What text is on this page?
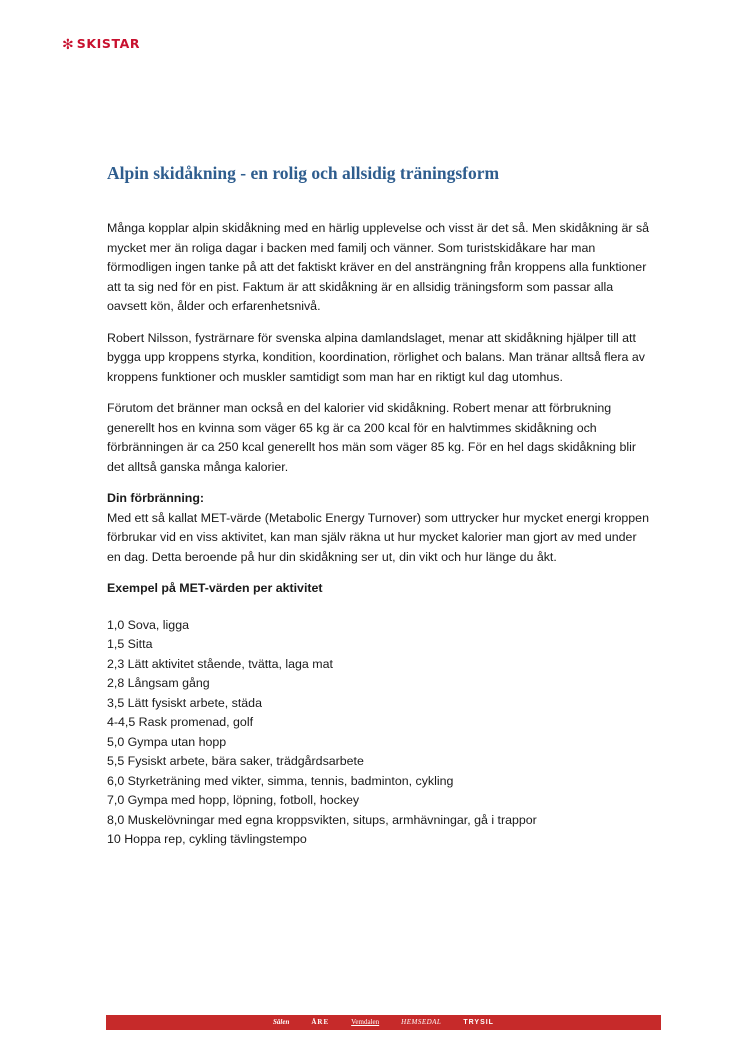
✻ SKISTAR
Alpin skidåkning - en rolig och allsidig träningsform

Många kopplar alpin skidåkning med en härlig upplevelse och visst är det så. Men skidåkning är så mycket mer än roliga dagar i backen med familj och vänner. Som turistskidåkare har man förmodligen ingen tanke på att det faktiskt kräver en del ansträngning från kroppens alla funktioner att ta sig ned för en pist. Faktum är att skidåkning är en allsidig träningsform som passar alla oavsett kön, ålder och erfarenhetsnivå.

Robert Nilsson, fysträrnare för svenska alpina damlandslaget, menar att skidåkning hjälper till att bygga upp kroppens styrka, kondition, koordination, rörlighet och balans. Man tränar alltså flera av kroppens funktioner och muskler samtidigt som man har en riktigt kul dag utomhus.

Förutom det bränner man också en del kalorier vid skidåkning. Robert menar att förbrukning generellt hos en kvinna som väger 65 kg är ca 200 kcal för en halvtimmes skidåkning och förbränningen är ca 250 kcal generellt hos män som väger 85 kg. För en hel dags skidåkning blir det alltså ganska många kalorier.

Din förbränning:
Med ett så kallat MET-värde (Metabolic Energy Turnover) som uttrycker hur mycket energi kroppen förbrukar vid en viss aktivitet, kan man själv räkna ut hur mycket kalorier man gjort av med under en dag. Detta beroende på hur din skidåkning ser ut, din vikt och hur länge du åkt.

Exempel på MET-värden per aktivitet
1,0 Sova, ligga
1,5 Sitta
2,3 Lätt aktivitet stående, tvätta, laga mat
2,8 Långsam gång
3,5 Lätt fysiskt arbete, städa
4-4,5 Rask promenad, golf
5,0 Gympa utan hopp
5,5 Fysiskt arbete, bära saker, trädgårdsarbete
6,0 Styrketräning med vikter, simma, tennis, badminton, cykling
7,0 Gympa med hopp, löpning, fotboll, hockey
8,0 Muskelövningar med egna kroppsvikten, situps, armhävningar, gå i trappor
10 Hoppa rep, cykling tävlingstempo
Sälen	ÅRE	Vemdalen	HEMSEDAL	TRYSIL
